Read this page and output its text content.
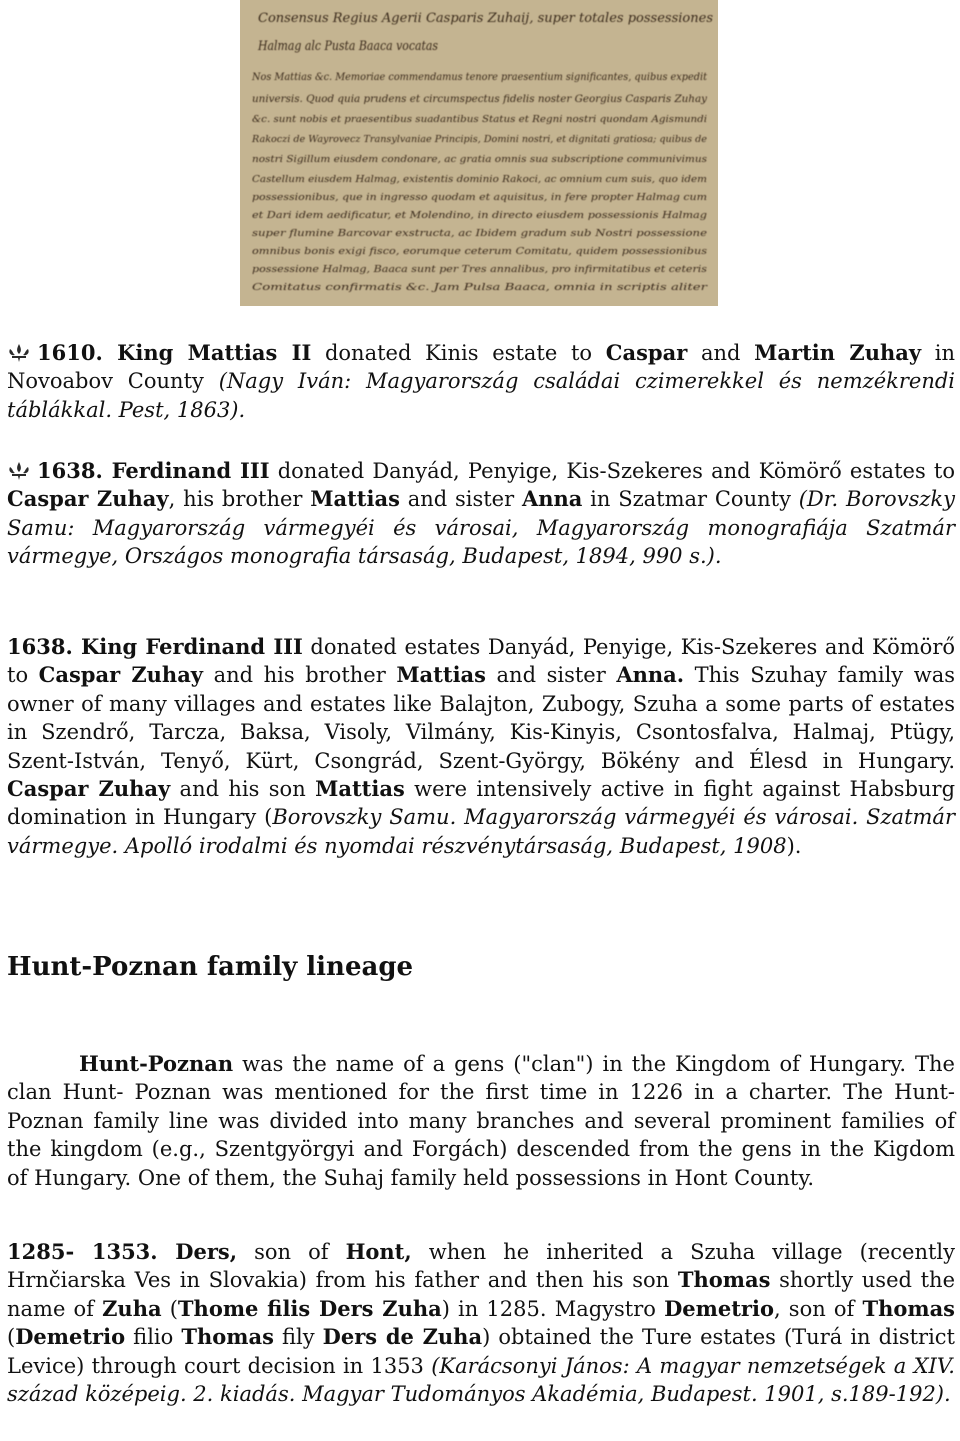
Consensus Regius Agerii Casparis Zuhaij, super totales possessiones
Halmag alc Pusta Baaca vocatas
Nos Mattias &c. Memoriae commendamus tenore praesentium significantes, quibus expedit
universis. Quod quia prudens et circumspectus fidelis noster Georgius Casparis Zuhay
&c. sunt nobis et praesentibus suadantibus Status et Regni nostri quondam Agismundi
Rakoczi de Wayrovecz Transylvaniae Principis, Domini nostri, et dignitati gratiosa; quibus de
nostri Sigillum eiusdem condonare, ac gratia omnis sua subscriptione communivimus
Castellum eiusdem Halmag, existentis dominio Rakoci, ac omnium cum suis, quo idem
possessionibus, que in ingresso quodam et aquisitus, in fere propter Halmag cum
et Dari idem aedificatur, et Molendino, in directo eiusdem possessionis Halmag
super flumine Barcovar exstructa, ac Ibidem gradum sub Nostri possessione
omnibus bonis exigi fisco, eorumque ceterum Comitatu, quidem possessionibus
possessione Halmag, Baaca sunt per Tres annalibus, pro infirmitatibus et ceteris
Comitatus confirmatis &c. Jam Pulsa Baaca, omnia in scriptis aliter

1610. King Mattias II donated Kinis estate to Caspar and Martin Zuhay in Novoabov County (Nagy Iván: Magyarország családai czimerekkel és nemzékrendi táblákkal. Pest, 1863).

1638. Ferdinand III donated Danyád, Penyige, Kis-Szekeres and Kömörő estates to Caspar Zuhay, his brother Mattias and sister Anna in Szatmar County (Dr. Borovszky Samu: Magyarország vármegyéi és városai, Magyarország monografiája Szatmár vármegye, Országos monografia társaság, Budapest, 1894, 990 s.).

1638. King Ferdinand III donated estates Danyád, Penyige, Kis-Szekeres and Kömörő to Caspar Zuhay and his brother Mattias and sister Anna. This Szuhay family was owner of many villages and estates like Balajton, Zubogy, Szuha a some parts of estates in Szendrő, Tarcza, Baksa, Visoly, Vilmány, Kis-Kinyis, Csontosfalva, Halmaj, Ptügy, Szent-István, Tenyő, Kürt, Csongrád, Szent-György, Bökény and Élesd in Hungary. Caspar Zuhay and his son Mattias were intensively active in fight against Habsburg domination in Hungary (Borovszky Samu. Magyarország vármegyéi és városai. Szatmár vármegye. Apolló irodalmi és nyomdai részvénytársaság, Budapest, 1908).

Hunt-Poznan family lineage

Hunt-Poznan was the name of a gens ("clan") in the Kingdom of Hungary. The clan Hunt- Poznan was mentioned for the first time in 1226 in a charter. The Hunt-Poznan family line was divided into many branches and several prominent families of the kingdom (e.g., Szentgyörgyi and Forgách) descended from the gens in the Kigdom of Hungary. One of them, the Suhaj family held possessions in Hont County.

1285- 1353. Ders, son of Hont, when he inherited a Szuha village (recently Hrnčiarska Ves in Slovakia) from his father and then his son Thomas shortly used the name of Zuha (Thome filis Ders Zuha) in 1285. Magystro Demetrio, son of Thomas (Demetrio filio Thomas fily Ders de Zuha) obtained the Ture estates (Turá in district Levice) through court decision in 1353 (Karácsonyi János: A magyar nemzetségek a XIV. század középeig. 2. kiadás. Magyar Tudományos Akadémia, Budapest. 1901, s.189-192).
